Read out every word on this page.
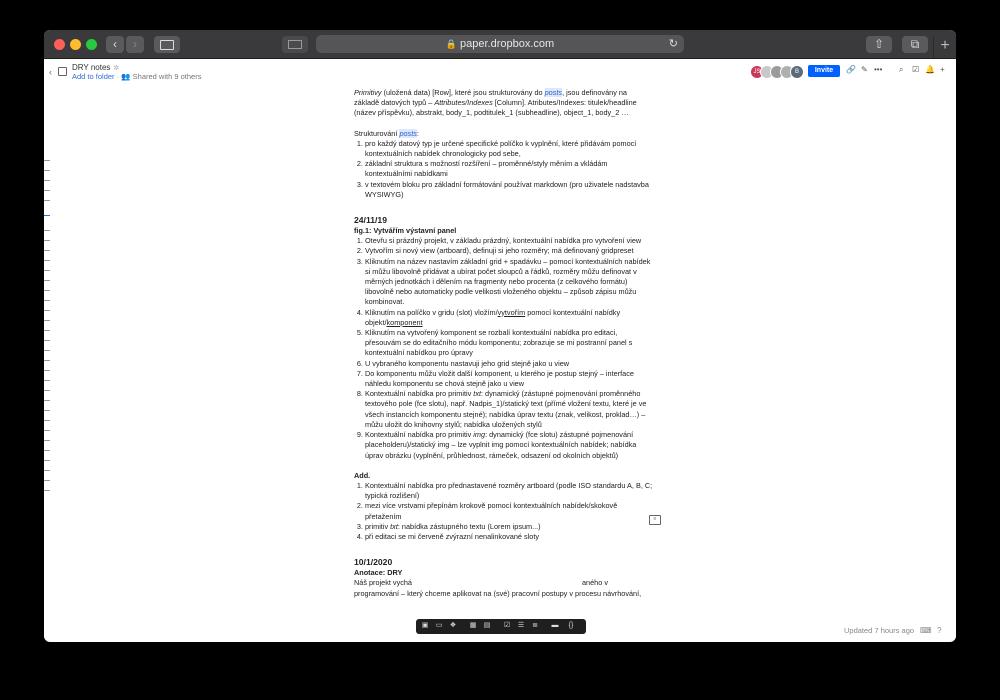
‹	›	🔒 paper.dropbox.com	↻	⇧	⧉	+
‹	DRY notes ✲
Add to folder · 👥 Shared with 9 others	JS	B	Invite	🔗 ✎ ••• ⌕ ☑ 🔔 +

Primitivy (uložená data) [Row], které jsou strukturovány do posts, jsou definovány na základě datových typů – Attributes/Indexes [Column]. Atributes/Indexes: titulek/headline (název příspěvku), abstrakt, body_1, podtitulek_1 (subheadline), object_1, body_2 …

Strukturování posts:

1. pro každý datový typ je určené specifické políčko k vyplnění, které přidávám pomocí kontextuálních nabídek chronologicky pod sebe,
2. základní struktura s možností rozšíření – proměnné/styly měním a vkládám kontextuálními nabídkami
3. v textovém bloku pro základní formátování používat markdown (pro uživatele nadstavba WYSIWYG)

24/11/19

fig.1: Vytvářím výstavní panel

1. Otevřu si prázdný projekt, v základu prázdný, kontextuální nabídka pro vytvoření view
2. Vytvořím si nový view (artboard), definuji si jeho rozměry; má definovaný gridpreset
3. Kliknutím na název nastavím základní grid + spadávku – pomocí kontextuálních nabídek si můžu libovolně přidávat a ubírat počet sloupců a řádků, rozměry můžu definovat v měrných jednotkách i dělením na fragmenty nebo procenta (z celkového formátu) libovolně nebo automaticky podle velikosti vloženého objektu – způsob zápisu můžu kombinovat.
4. Kliknutím na políčko v gridu (slot) vložím/vytvořím pomocí kontextuální nabídky objekt/komponent
5. Kliknutím na vytvořený komponent se rozbalí kontextuální nabídka pro editaci, přesouvám se do editačního módu komponentu; zobrazuje se mi postranní panel s kontextuální nabídkou pro úpravy
6. U vybraného komponentu nastavuji jeho grid stejně jako u view
7. Do komponentu můžu vložit další komponent, u kterého je postup stejný – interface náhledu komponentu se chová stejně jako u view
8. Kontextuální nabídka pro primitiv txt: dynamický (zástupné pojmenování proměnného textového pole (fce slotu), např. Nadpis_1)/statický text (přímé vložení textu, které je ve všech instancích komponentu stejné); nabídka úprav textu (znak, velikost, proklad…) – můžu uložit do knihovny stylů; nabídka uložených stylů
9. Kontextuální nabídka pro primitiv img: dynamický (fce slotu) zástupné pojmenování placeholderu)/statický img – lze vyplnit img pomocí kontextuálních nabídek; nabídka úprav obrázku (vyplnění, průhlednost, rámeček, odsazení od okolních objektů)

Add.

1. Kontextuální nabídka pro přednastavené rozměry artboard (podle ISO standardu A, B, C; typická rozlišení)
2. mezi více vrstvami přepínám krokově pomocí kontextuálních nabídek/skokově přetažením
3. primitiv txt: nabídka zástupného textu (Lorem ipsum...)
4. při editaci se mi červeně zvýrazní nenalinkované sloty

10/1/2020

Anotace: DRY

Náš projekt vychá	aného v programování – který chceme aplikovat na (své) pracovní postupy v procesu návrhování,

≡
▣ ▭ ❖ ▦ ▤ ☑ ☰ ≣ ▬	{}
Updated 7 hours ago ⌨ ?
